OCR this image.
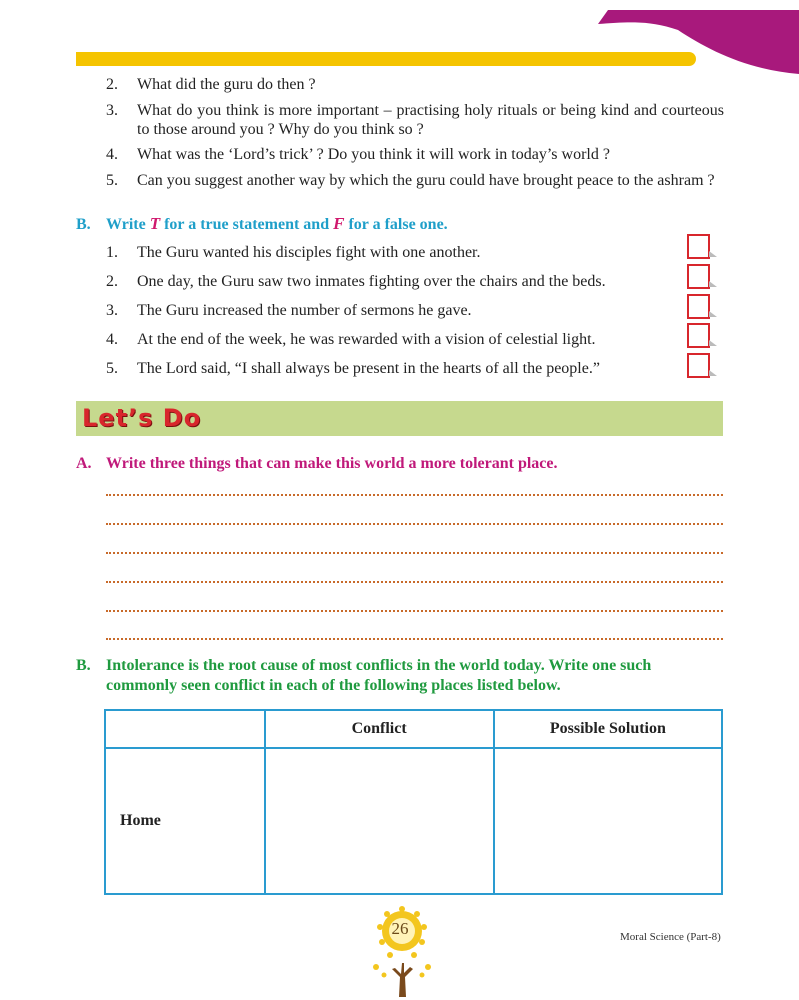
2.	What did the guru do then ?
3.	What do you think is more important – practising holy rituals or being kind and courteous to those around you ? Why do you think so ?
4.	What was the ‘Lord’s trick’ ? Do you think it will work in today’s world ?
5.	Can you suggest another way by which the guru could have brought peace to the ashram ?
B. Write T for a true statement and F for a false one.
1. The Guru wanted his disciples fight with one another.
2. One day, the Guru saw two inmates fighting over the chairs and the beds.
3. The Guru increased the number of sermons he gave.
4. At the end of the week, he was rewarded with a vision of celestial light.
5. The Lord said, “I shall always be present in the hearts of all the people.”
Let’s Do
A. Write three things that can make this world a more tolerant place.
B. Intolerance is the root cause of most conflicts in the world today. Write one such
commonly seen conflict in each of the following places listed below.
	Conflict	Possible Solution
Home		
26	Moral Science (Part-8)
